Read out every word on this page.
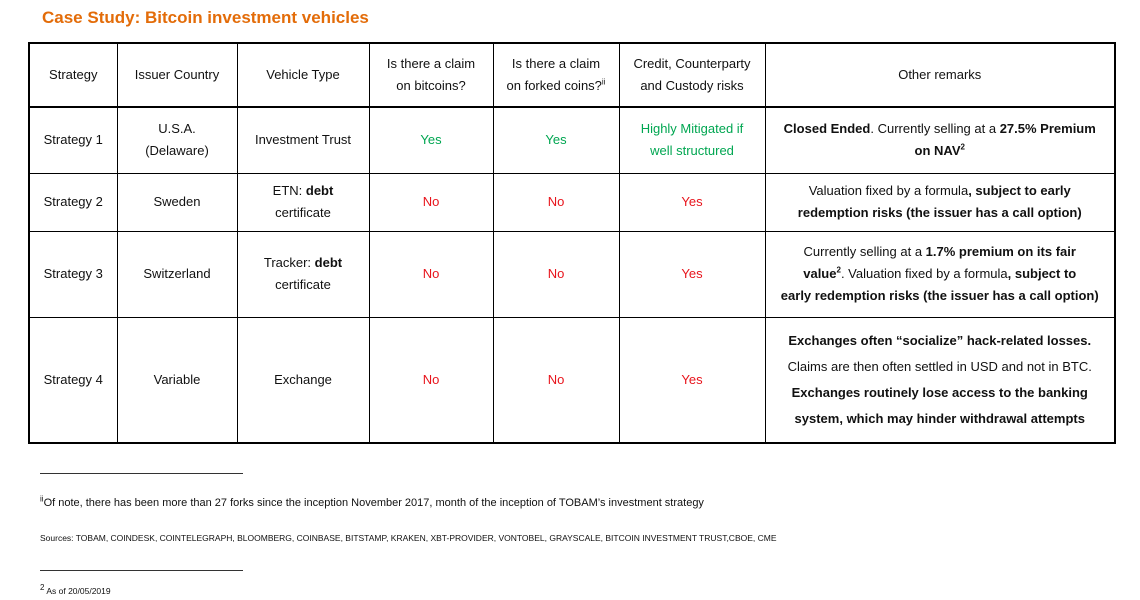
Case Study: Bitcoin investment vehicles
Strategy	Issuer Country	Vehicle Type	Is there a claim
on bitcoins?	Is there a claim
on forked coins?$^{ii}$	Credit, Counterparty
and Custody risks	Other remarks
Strategy 1	U.S.A.
(Delaware)	Investment Trust	Yes	Yes	Highly Mitigated if
well structured	Closed Ended. Currently selling at a 27.5% Premium
on NAV$^2$
Strategy 2	Sweden	ETN: debt
certificate	No	No	Yes	Valuation fixed by a formula, subject to early
redemption risks (the issuer has a call option)
Strategy 3	Switzerland	Tracker: debt
certificate	No	No	Yes	Currently selling at a 1.7% premium on its fair
value$^2$. Valuation fixed by a formula, subject to
early redemption risks (the issuer has a call option)
Strategy 4	Variable	Exchange	No	No	Yes	Exchanges often “socialize” hack-related losses.
Claims are then often settled in USD and not in BTC.
Exchanges routinely lose access to the banking
system, which may hinder withdrawal attempts
$^{ii}$Of note, there has been more than 27 forks since the inception November 2017, month of the inception of TOBAM’s investment strategy
Sources: TOBAM, COINDESK, COINTELEGRAPH, BLOOMBERG, COINBASE, BITSTAMP, KRAKEN, XBT-PROVIDER, VONTOBEL, GRAYSCALE, BITCOIN INVESTMENT TRUST,CBOE, CME
$^2$ As of 20/05/2019
